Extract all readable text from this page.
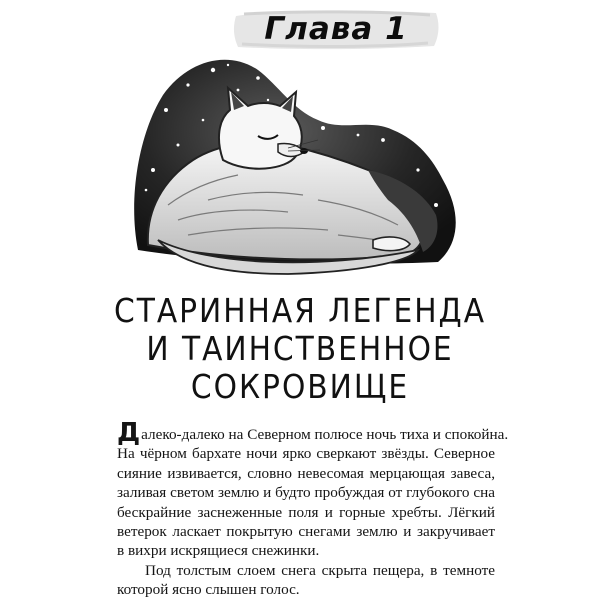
Глава 1
СТАРИННАЯ ЛЕГЕНДА
И ТАИНСТВЕННОЕ
СОКРОВИЩЕ

Далеко-далеко на Северном полюсе ночь тиха и спокойна.
На чёрном бархате ночи ярко сверкают звёзды. Северное
сияние извивается, словно невесомая мерцающая завеса,
заливая светом землю и будто пробуждая от глубокого сна
бескрайние заснеженные поля и горные хребты. Лёгкий
ветерок ласкает покрытую снегами землю и закручивает
в вихри искрящиеся снежинки.

Под толстым слоем снега скрыта пещера, в темноте
которой ясно слышен голос.
